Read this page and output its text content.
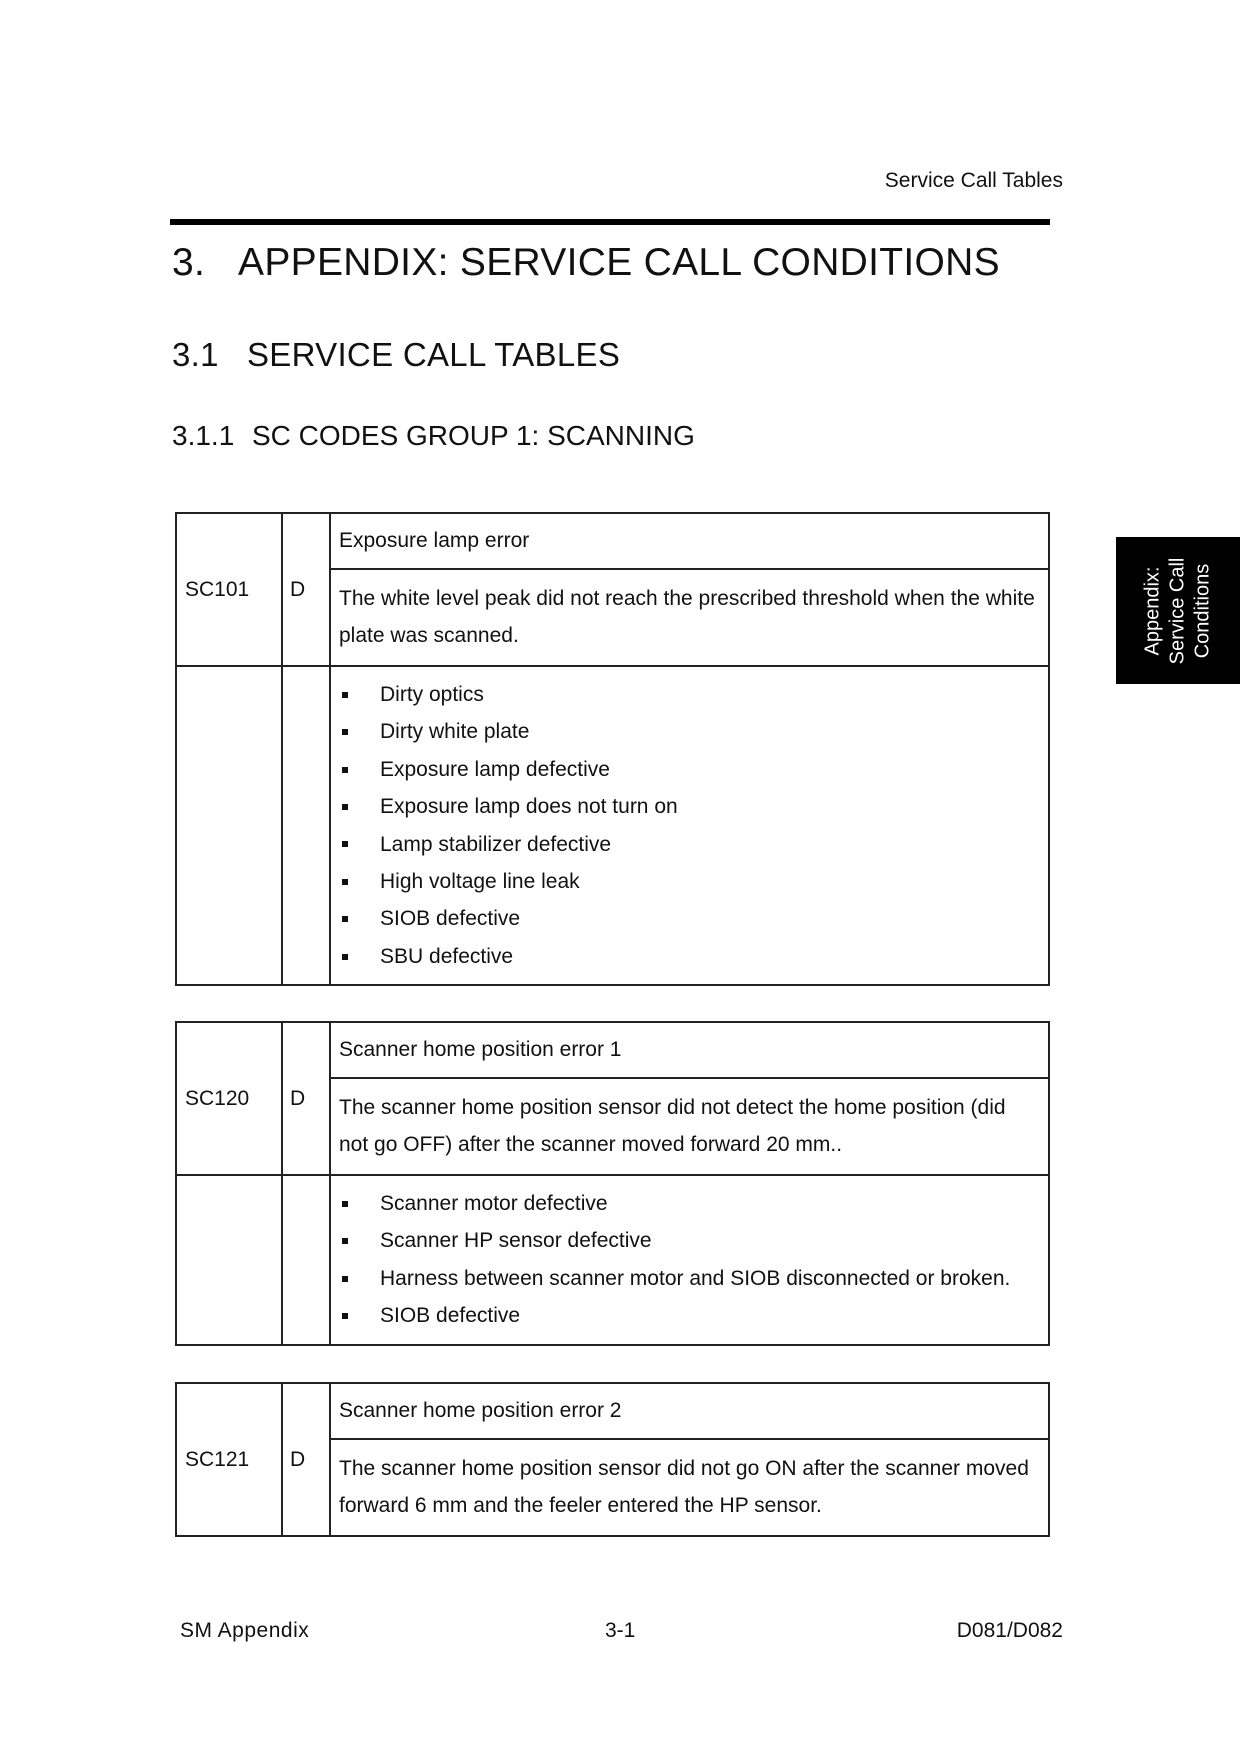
Service Call Tables
3. APPENDIX: SERVICE CALL CONDITIONS
3.1 SERVICE CALL TABLES
3.1.1 SC CODES GROUP 1: SCANNING
Appendix: Service Call Conditions
SC101	D
Exposure lamp error
The white level peak did not reach the prescribed threshold when the white plate was scanned.
Dirty optics
Dirty white plate
Exposure lamp defective
Exposure lamp does not turn on
Lamp stabilizer defective
High voltage line leak
SIOB defective
SBU defective
SC120	D
Scanner home position error 1
The scanner home position sensor did not detect the home position (did not go OFF) after the scanner moved forward 20 mm..
Scanner motor defective
Scanner HP sensor defective
Harness between scanner motor and SIOB disconnected or broken.
SIOB defective
SC121	D
Scanner home position error 2
The scanner home position sensor did not go ON after the scanner moved forward 6 mm and the feeler entered the HP sensor.
SM Appendix	3-1	D081/D082
